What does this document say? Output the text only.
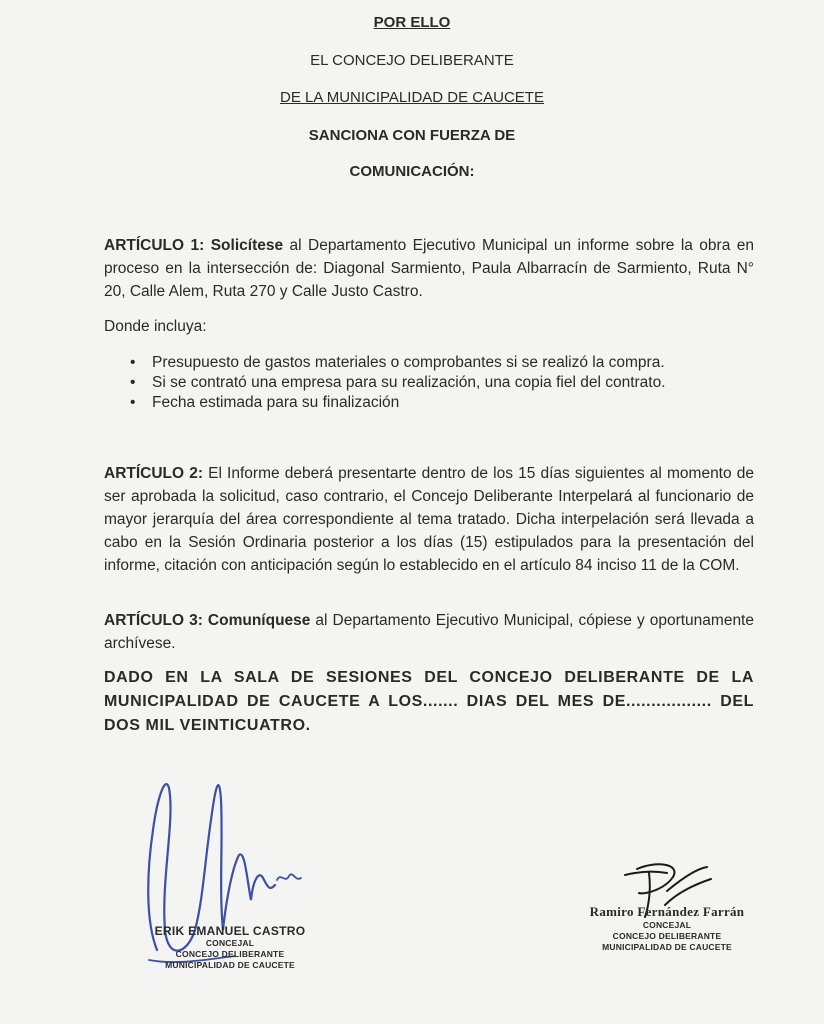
POR ELLO
EL CONCEJO DELIBERANTE
DE LA MUNICIPALIDAD DE CAUCETE
SANCIONA CON FUERZA DE
COMUNICACIÓN:
ARTÍCULO 1: Solicítese al Departamento Ejecutivo Municipal un informe sobre la obra en proceso en la intersección de: Diagonal Sarmiento, Paula Albarracín de Sarmiento, Ruta N° 20, Calle Alem, Ruta 270 y Calle Justo Castro.
Donde incluya:
• Presupuesto de gastos materiales o comprobantes si se realizó la compra.
• Si se contrató una empresa para su realización, una copia fiel del contrato.
• Fecha estimada para su finalización
ARTÍCULO 2: El Informe deberá presentarte dentro de los 15 días siguientes al momento de ser aprobada la solicitud, caso contrario, el Concejo Deliberante Interpelará al funcionario de mayor jerarquía del área correspondiente al tema tratado. Dicha interpelación será llevada a cabo en la Sesión Ordinaria posterior a los días (15) estipulados para la presentación del informe, citación con anticipación según lo establecido en el artículo 84 inciso 11 de la COM.
ARTÍCULO 3: Comuníquese al Departamento Ejecutivo Municipal, cópiese y oportunamente archívese.
DADO EN LA SALA DE SESIONES DEL CONCEJO DELIBERANTE DE LA MUNICIPALIDAD DE CAUCETE A LOS....... DIAS DEL MES DE................. DEL DOS MIL VEINTICUATRO.
ERIK EMANUEL CASTRO
CONCEJAL
CONCEJO DELIBERANTE
MUNICIPALIDAD DE CAUCETE
Ramiro Fernández Farrán
CONCEJAL
CONCEJO DELIBERANTE
MUNICIPALIDAD DE CAUCETE
